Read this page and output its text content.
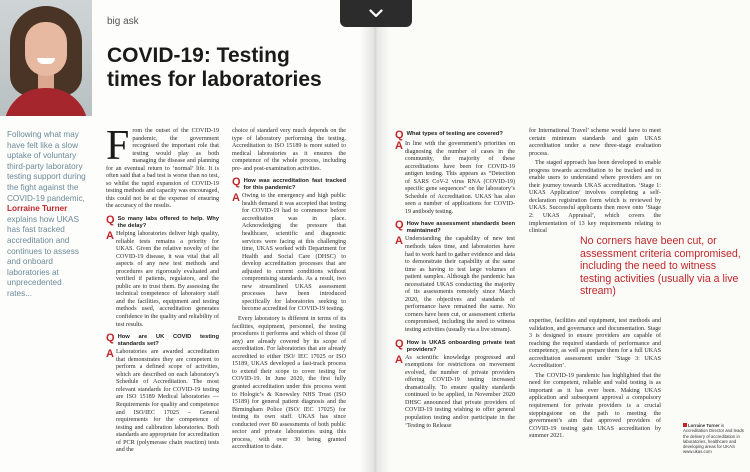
big ask
COVID-19: Testing times for laboratories
Following what may have felt like a slow uptake of voluntary third-party laboratory testing support during the fight against the COVID-19 pandemic, Lorraine Turner explains how UKAS has fast tracked accreditation and continues to assess and onboard laboratories at unprecedented rates...

From the outset of the COVID-19 pandemic, the government recognised the important role that testing would play as both managing the disease and planning for an eventual return to ‘normal’ life. It is often said that a bad test is worse than no test, so whilst the rapid expansion of COVID-19 testing methods and capacity was encouraged, this could not be at the expense of ensuring the accuracy of the results.

Q So many labs offered to help. Why the delay?
A Helping laboratories deliver high quality, reliable tests remains a priority for UKAS. Given the relative novelty of the COVID-19 disease, it was vital that all aspects of any new test methods and procedures are rigorously evaluated and verified if patients, regulators, and the public are to trust them. By assessing the technical competence of laboratory staff and the facilities, equipment and testing methods used, accreditation generates confidence in the quality and reliability of test results.
Q How are UK COVID testing standards set?
A Laboratories are awarded accreditation that demonstrates they are competent to perform a defined scope of activities, which are described on each laboratory’s Schedule of Accreditation. The most relevant standards for COVID-19 testing are ISO 15189 Medical laboratories — Requirements for quality and competence and ISO/IEC 17025 – General requirements for the competence of testing and calibration laboratories. Both standards are appropriate for accreditation of PCR (polymerase chain reaction) tests and the

choice of standard very much depends on the type of laboratory performing the testing. Accreditation to ISO 15189 is more suited to medical laboratories as it ensures the competence of the whole process, including pre- and post-examination activities.

Q How was accreditation fast tracked for this pandemic?
A Owing to the emergency and high public health demand it was accepted that testing for COVID-19 had to commence before accreditation was in place. Acknowledging the pressure that healthcare, scientific and diagnostic services were facing at this challenging time, UKAS worked with Department for Health and Social Care (DHSC) to develop accreditation processes that are adjusted to current conditions without compromising standards. As a result, two new streamlined UKAS assessment processes have been introduced specifically for laboratories seeking to become accredited for COVID-19 testing.

Every laboratory is different in terms of its facilities, equipment, personnel, the testing procedures it performs and which of those (if any) are already covered by its scope of accreditation. For laboratories that are already accredited to either ISO/ IEC 17025 or ISO 15189, UKAS developed a fast-track process to extend their scope to cover testing for COVID-19. In June 2020, the first fully granted accreditation under this process went to Hologic’s & Knowsley NHS Trust (ISO 15189) for general patient diagnosis and the Birmingham Police (ISO/ IEC 17025) for testing its own staff. UKAS has since conducted over 80 assessments of both public sector and private laboratories using this process, with over 30 being granted accreditation to date.

Q What types of testing are covered?
A In line with the government’s priorities on diagnosing the number of cases in the community, the majority of these accreditations have been for COVID-19 antigen testing. This appears as “Detection of SARS CoV-2 virus RNA (COVID-19) specific gene sequences” on the laboratory’s Schedule of Accreditation. UKAS has also seen a number of applications for COVID-19 antibody testing.
Q How have assessment standards been maintained?
A Understanding the capability of new test methods takes time, and laboratories have had to work hard to gather evidence and data to demonstrate their capability at the same time as having to test large volumes of patient samples. Although the pandemic has necessitated UKAS conducting the majority of its assessments remotely since March 2020, the objectives and standards of performance have remained the same. No corners have been cut, or assessment criteria compromised, including the need to witness testing activities (usually via a live stream).
Q How is UKAS onboarding private test providers?
A As scientific knowledge progressed and exemptions for restrictions on movement evolved, the number of private providers offering COVID-19 testing increased dramatically. To ensure quality standards continued to be applied, in November 2020 DHSC announced that private providers of COVID-19 testing wishing to offer general population testing and/or participate in the ‘Testing to Release

for International Travel’ scheme would have to meet certain minimum standards and gain UKAS accreditation under a new three-stage evaluation process.

The staged approach has been developed to enable progress towards accreditation to be tracked and to enable users to understand where providers are on their journey towards UKAS accreditation. ‘Stage 1: UKAS Application’ involves completing a self-declaration registration form which is reviewed by UKAS. Successful applicants then move onto ‘Stage 2: UKAS Appraisal’, which covers the implementation of 13 key requirements relating to clinical

expertise, facilities and equipment, test methods and validation, and governance and documentation. Stage 3 is designed to ensure providers are capable of reaching the required standards of performance and competency, as well as prepare them for a full UKAS accreditation assessment under ‘Stage 3: UKAS Accreditation’.

The COVID-19 pandemic has highlighted that the need for competent, reliable and valid testing is as important as it has ever been. Making UKAS application and subsequent approval a compulsory requirement for private providers is a crucial steppingstone on the path to meeting the government’s aim that approved providers of COVID-19 testing gain UKAS accreditation by summer 2021.

No corners have been cut, or assessment criteria compromised, including the need to witness testing activities (usually via a live stream)
Lorraine Turner is Accreditation Director and leads the delivery of accreditation in laboratories, healthcare and developing areas for UKAS www.ukas.com
